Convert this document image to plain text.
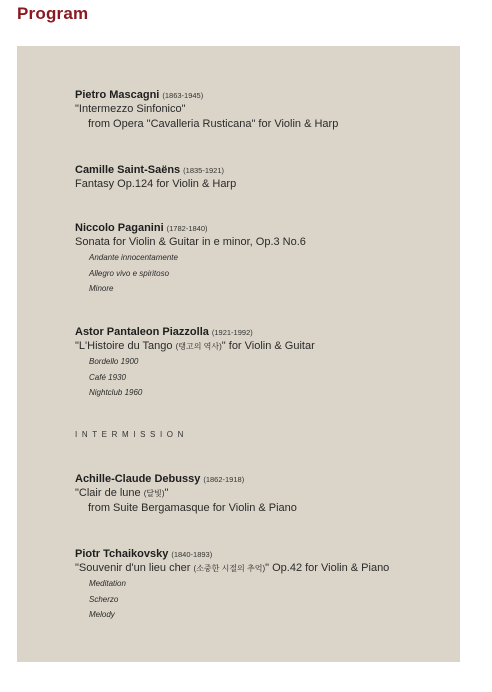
Program
Pietro Mascagni (1863-1945)
"Intermezzo Sinfonico"
from Opera "Cavalleria Rusticana" for Violin & Harp
Camille Saint-Saëns (1835-1921)
Fantasy Op.124 for Violin & Harp
Niccolo Paganini (1782-1840)
Sonata for Violin & Guitar in e minor, Op.3 No.6
Andante innocentamente
Allegro vivo e spiritoso
Minore
Astor Pantaleon Piazzolla (1921-1992)
"L'Histoire du Tango (탱고의 역사)" for Violin & Guitar
Bordello 1900
Café 1930
Nightclub 1960
INTERMISSION
Achille-Claude Debussy (1862-1918)
"Clair de lune (달빛)"
from Suite Bergamasque for Violin & Piano
Piotr Tchaikovsky (1840-1893)
"Souvenir d'un lieu cher (소중한 시절의 추억)" Op.42 for Violin & Piano
Meditation
Scherzo
Melody
